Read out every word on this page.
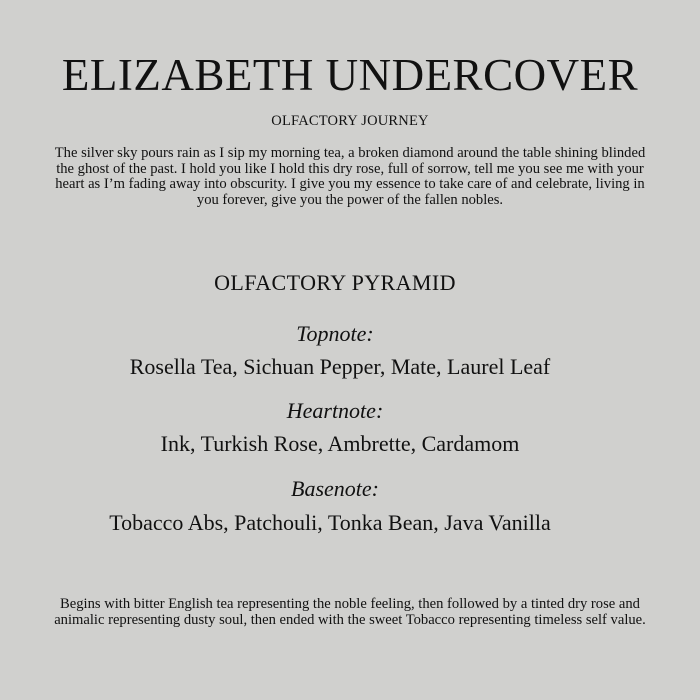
ELIZABETH UNDERCOVER
OLFACTORY JOURNEY

The silver sky pours rain as I sip my morning tea, a broken diamond around the table shining blinded the ghost of the past. I hold you like I hold this dry rose, full of sorrow, tell me you see me with your heart as I’m fading away into obscurity. I give you my essence to take care of and celebrate, living in you forever, give you the power of the fallen nobles.

OLFACTORY PYRAMID
Topnote:
Rosella Tea, Sichuan Pepper, Mate, Laurel Leaf
Heartnote:
Ink, Turkish Rose, Ambrette, Cardamom
Basenote:
Tobacco Abs, Patchouli, Tonka Bean, Java Vanilla

Begins with bitter English tea representing the noble feeling, then followed by a tinted dry rose and animalic representing dusty soul, then ended with the sweet Tobacco representing timeless self value.
